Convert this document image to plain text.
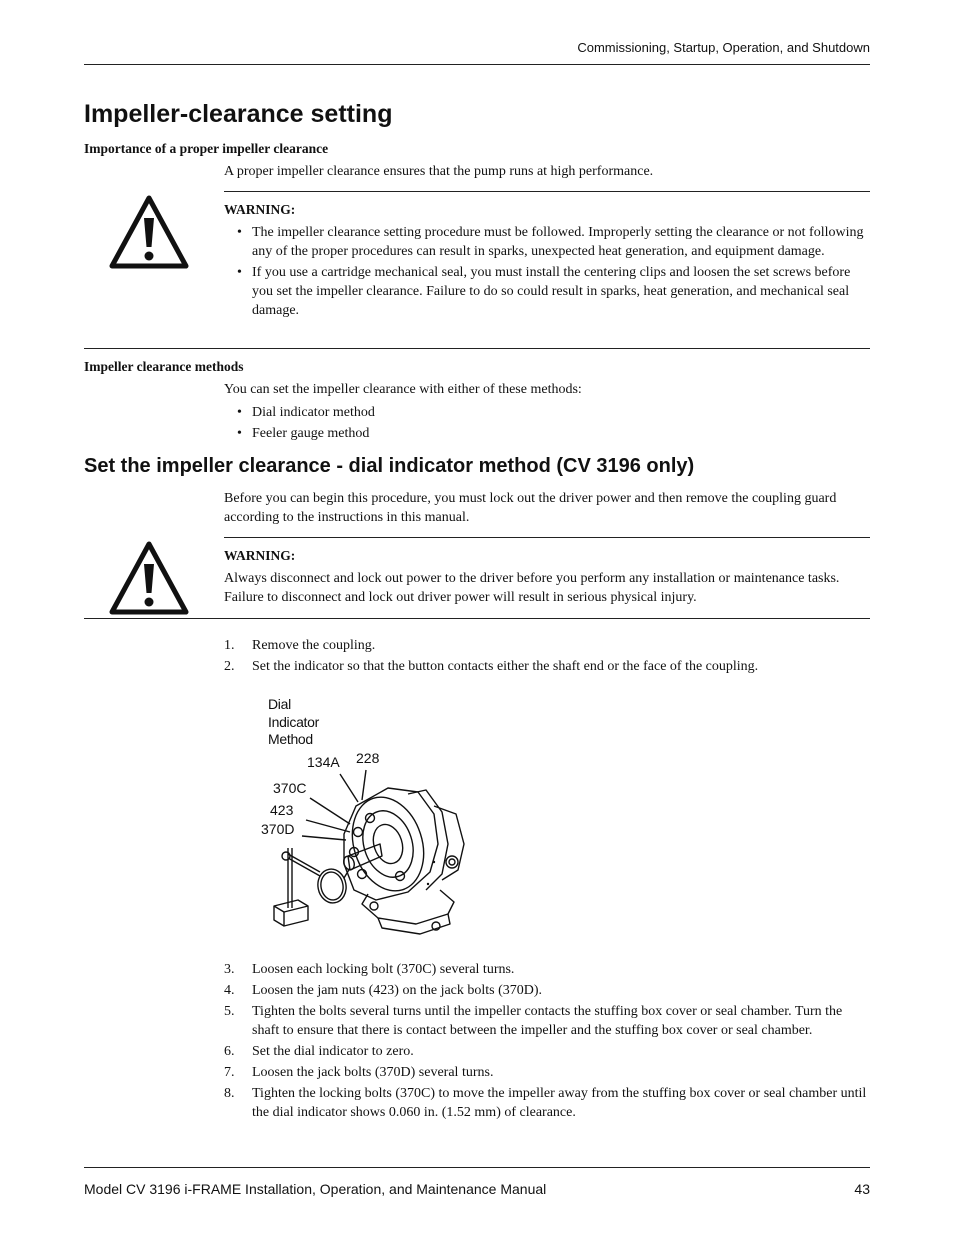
Commissioning, Startup, Operation, and Shutdown
Impeller-clearance setting
Importance of a proper impeller clearance
A proper impeller clearance ensures that the pump runs at high performance.
WARNING:
• The impeller clearance setting procedure must be followed. Improperly setting the clearance or not following any of the proper procedures can result in sparks, unexpected heat generation, and equipment damage.
• If you use a cartridge mechanical seal, you must install the centering clips and loosen the set screws before you set the impeller clearance. Failure to do so could result in sparks, heat generation, and mechanical seal damage.
Impeller clearance methods
You can set the impeller clearance with either of these methods:
• Dial indicator method
• Feeler gauge method
Set the impeller clearance - dial indicator method (CV 3196 only)
Before you can begin this procedure, you must lock out the driver power and then remove the coupling guard according to the instructions in this manual.
WARNING:
Always disconnect and lock out power to the driver before you perform any installation or maintenance tasks. Failure to disconnect and lock out driver power will result in serious physical injury.
1. Remove the coupling.
2. Set the indicator so that the button contacts either the shaft end or the face of the coupling.
Dial
Indicator
Method
134A 228
370C
423
370D
3. Loosen each locking bolt (370C) several turns.
4. Loosen the jam nuts (423) on the jack bolts (370D).
5. Tighten the bolts several turns until the impeller contacts the stuffing box cover or seal chamber. Turn the shaft to ensure that there is contact between the impeller and the stuffing box cover or seal chamber.
6. Set the dial indicator to zero.
7. Loosen the jack bolts (370D) several turns.
8. Tighten the locking bolts (370C) to move the impeller away from the stuffing box cover or seal chamber until the dial indicator shows 0.060 in. (1.52 mm) of clearance.
Model CV 3196 i-FRAME Installation, Operation, and Maintenance Manual	43
